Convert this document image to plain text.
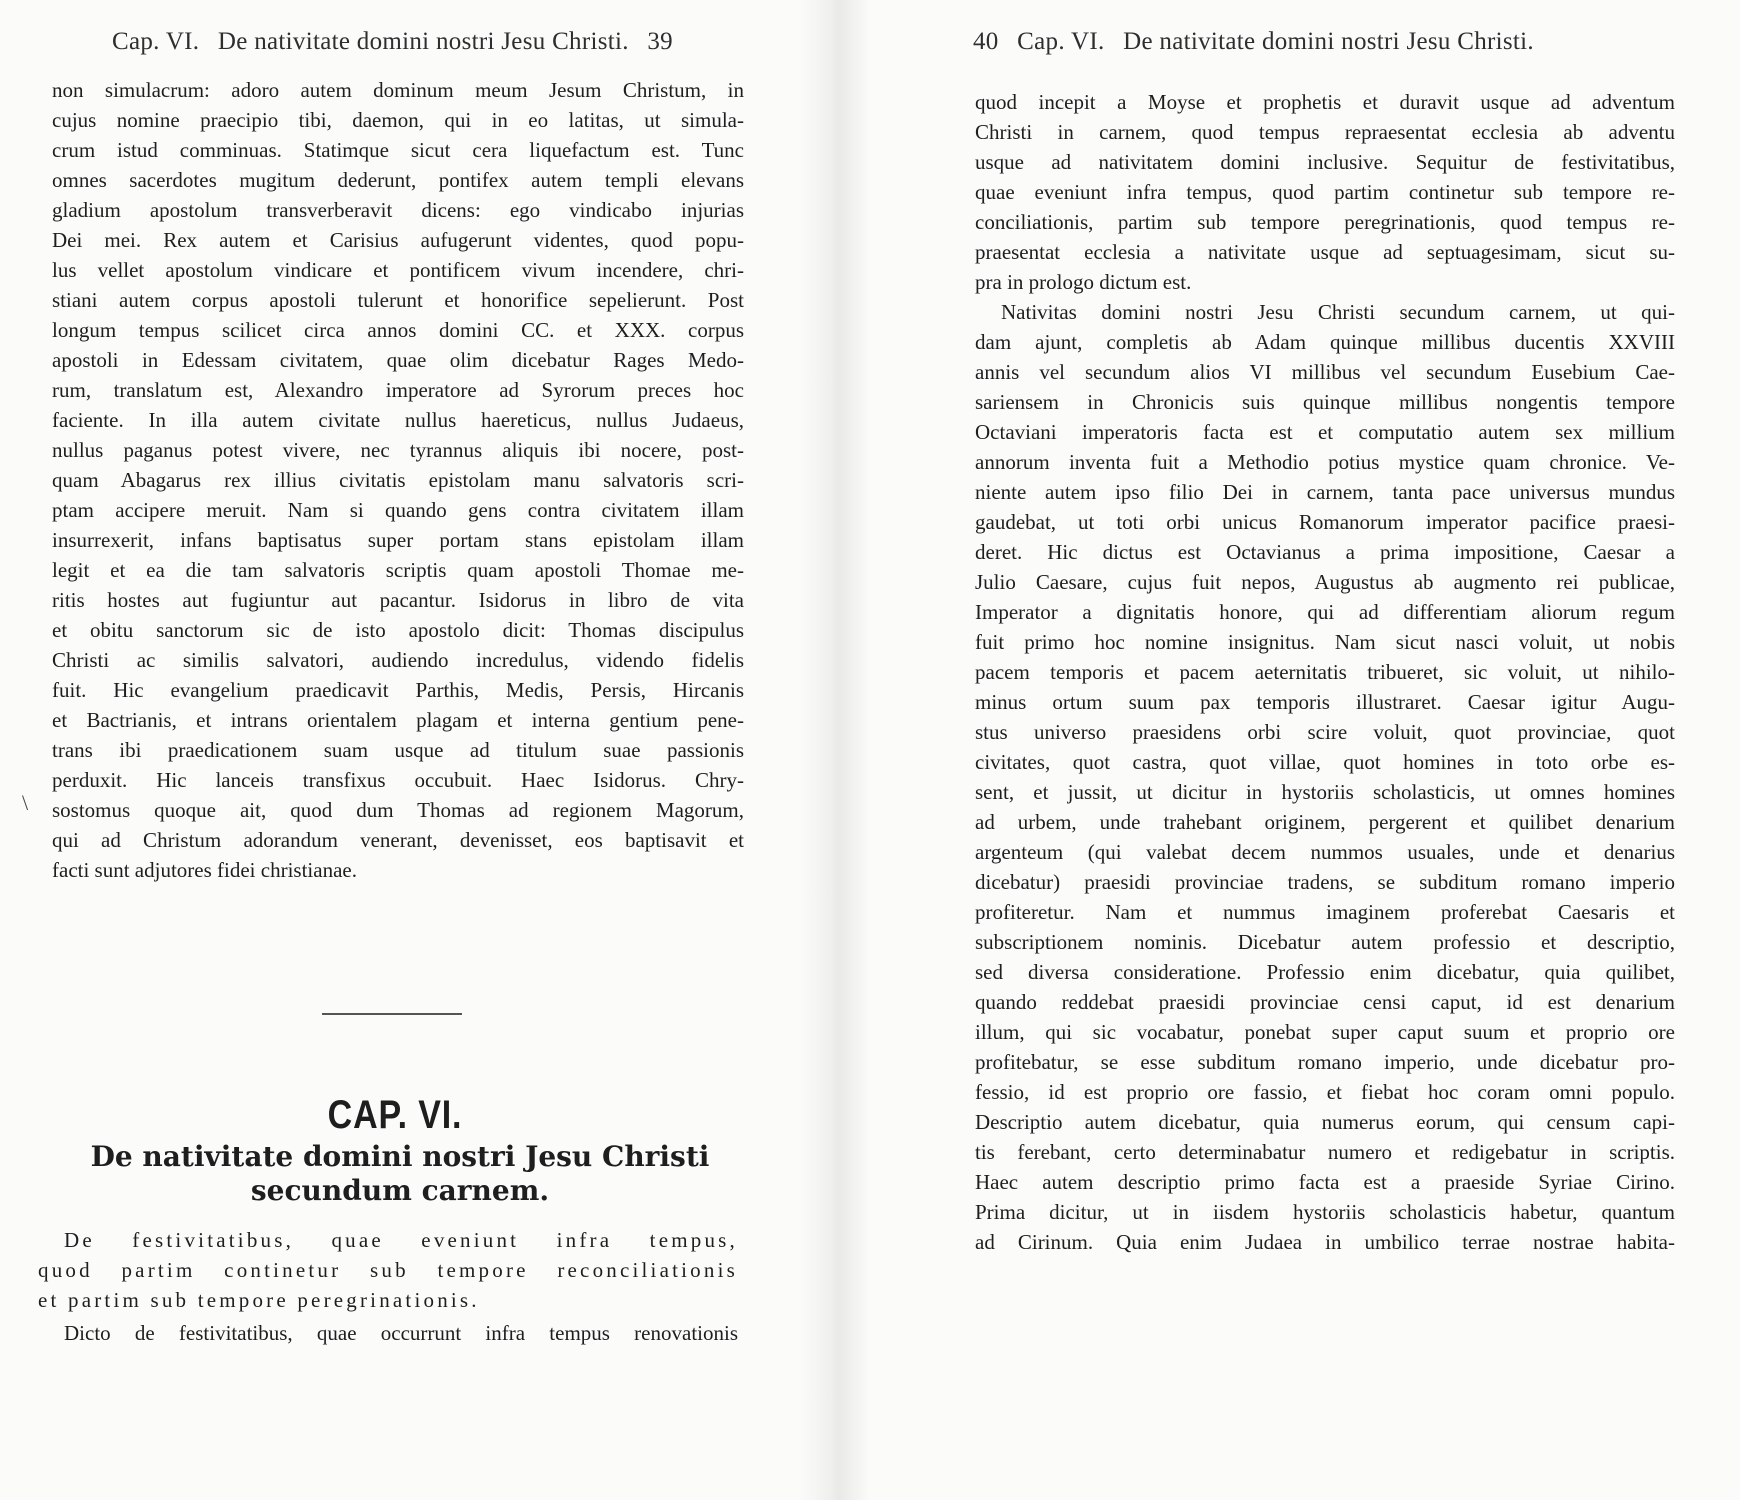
Cap. VI. De nativitate domini nostri Jesu Christi. 39
non simulacrum: adoro autem dominum meum Jesum Christum, in
cujus nomine praecipio tibi, daemon, qui in eo latitas, ut simula-
crum istud comminuas. Statimque sicut cera liquefactum est. Tunc
omnes sacerdotes mugitum dederunt, pontifex autem templi elevans
gladium apostolum transverberavit dicens: ego vindicabo injurias
Dei mei. Rex autem et Carisius aufugerunt videntes, quod popu-
lus vellet apostolum vindicare et pontificem vivum incendere, chri-
stiani autem corpus apostoli tulerunt et honorifice sepelierunt. Post
longum tempus scilicet circa annos domini CC. et XXX. corpus
apostoli in Edessam civitatem, quae olim dicebatur Rages Medo-
rum, translatum est, Alexandro imperatore ad Syrorum preces hoc
faciente. In illa autem civitate nullus haereticus, nullus Judaeus,
nullus paganus potest vivere, nec tyrannus aliquis ibi nocere, post-
quam Abagarus rex illius civitatis epistolam manu salvatoris scri-
ptam accipere meruit. Nam si quando gens contra civitatem illam
insurrexerit, infans baptisatus super portam stans epistolam illam
legit et ea die tam salvatoris scriptis quam apostoli Thomae me-
ritis hostes aut fugiuntur aut pacantur. Isidorus in libro de vita
et obitu sanctorum sic de isto apostolo dicit: Thomas discipulus
Christi ac similis salvatori, audiendo incredulus, videndo fidelis
fuit. Hic evangelium praedicavit Parthis, Medis, Persis, Hircanis
et Bactrianis, et intrans orientalem plagam et interna gentium pene-
trans ibi praedicationem suam usque ad titulum suae passionis
perduxit. Hic lanceis transfixus occubuit. Haec Isidorus. Chry-
sostomus quoque ait, quod dum Thomas ad regionem Magorum,
qui ad Christum adorandum venerant, devenisset, eos baptisavit et
facti sunt adjutores fidei christianae.
\
CAP. VI.
De nativitate domini nostri Jesu Christi
secundum carnem.
De festivitatibus, quae eveniunt infra tempus,
quod partim continetur sub tempore reconciliationis
et partim sub tempore peregrinationis.
Dicto de festivitatibus, quae occurrunt infra tempus renovationis
40 Cap. VI. De nativitate domini nostri Jesu Christi.
quod incepit a Moyse et prophetis et duravit usque ad adventum
Christi in carnem, quod tempus repraesentat ecclesia ab adventu
usque ad nativitatem domini inclusive. Sequitur de festivitatibus,
quae eveniunt infra tempus, quod partim continetur sub tempore re-
conciliationis, partim sub tempore peregrinationis, quod tempus re-
praesentat ecclesia a nativitate usque ad septuagesimam, sicut su-
pra in prologo dictum est.
Nativitas domini nostri Jesu Christi secundum carnem, ut qui-
dam ajunt, completis ab Adam quinque millibus ducentis XXVIII
annis vel secundum alios VI millibus vel secundum Eusebium Cae-
sariensem in Chronicis suis quinque millibus nongentis tempore
Octaviani imperatoris facta est et computatio autem sex millium
annorum inventa fuit a Methodio potius mystice quam chronice. Ve-
niente autem ipso filio Dei in carnem, tanta pace universus mundus
gaudebat, ut toti orbi unicus Romanorum imperator pacifice praesi-
deret. Hic dictus est Octavianus a prima impositione, Caesar a
Julio Caesare, cujus fuit nepos, Augustus ab augmento rei publicae,
Imperator a dignitatis honore, qui ad differentiam aliorum regum
fuit primo hoc nomine insignitus. Nam sicut nasci voluit, ut nobis
pacem temporis et pacem aeternitatis tribueret, sic voluit, ut nihilo-
minus ortum suum pax temporis illustraret. Caesar igitur Augu-
stus universo praesidens orbi scire voluit, quot provinciae, quot
civitates, quot castra, quot villae, quot homines in toto orbe es-
sent, et jussit, ut dicitur in hystoriis scholasticis, ut omnes homines
ad urbem, unde trahebant originem, pergerent et quilibet denarium
argenteum (qui valebat decem nummos usuales, unde et denarius
dicebatur) praesidi provinciae tradens, se subditum romano imperio
profiteretur. Nam et nummus imaginem proferebat Caesaris et
subscriptionem nominis. Dicebatur autem professio et descriptio,
sed diversa consideratione. Professio enim dicebatur, quia quilibet,
quando reddebat praesidi provinciae censi caput, id est denarium
illum, qui sic vocabatur, ponebat super caput suum et proprio ore
profitebatur, se esse subditum romano imperio, unde dicebatur pro-
fessio, id est proprio ore fassio, et fiebat hoc coram omni populo.
Descriptio autem dicebatur, quia numerus eorum, qui censum capi-
tis ferebant, certo determinabatur numero et redigebatur in scriptis.
Haec autem descriptio primo facta est a praeside Syriae Cirino.
Prima dicitur, ut in iisdem hystoriis scholasticis habetur, quantum
ad Cirinum. Quia enim Judaea in umbilico terrae nostrae habita-
